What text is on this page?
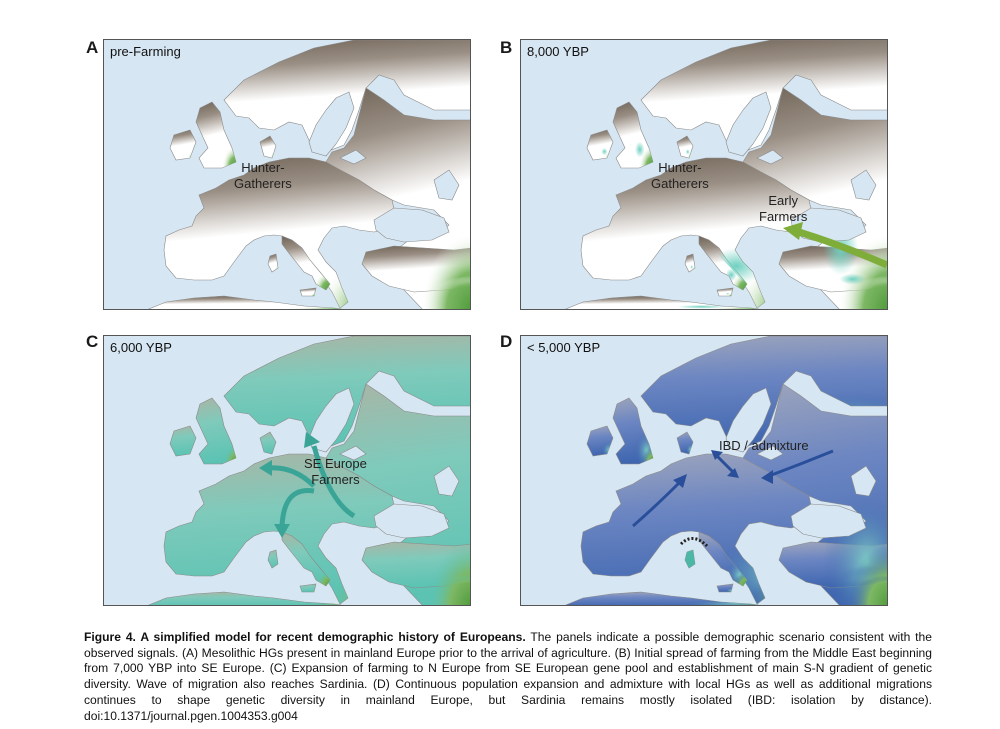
A pre-Farming
Hunter-
Gatherers
B 8,000 YBP
Hunter-
Gatherers
Early
Farmers
C 6,000 YBP
SE Europe
Farmers
D < 5,000 YBP
IBD / admixture
Figure 4. A simplified model for recent demographic history of Europeans. The panels indicate a possible demographic scenario consistent with the observed signals. (A) Mesolithic HGs present in mainland Europe prior to the arrival of agriculture. (B) Initial spread of farming from the Middle East beginning from 7,000 YBP into SE Europe. (C) Expansion of farming to N Europe from SE European gene pool and establishment of main S-N gradient of genetic diversity. Wave of migration also reaches Sardinia. (D) Continuous population expansion and admixture with local HGs as well as additional migrations continues to shape genetic diversity in mainland Europe, but Sardinia remains mostly isolated (IBD: isolation by distance). doi:10.1371/journal.pgen.1004353.g004
